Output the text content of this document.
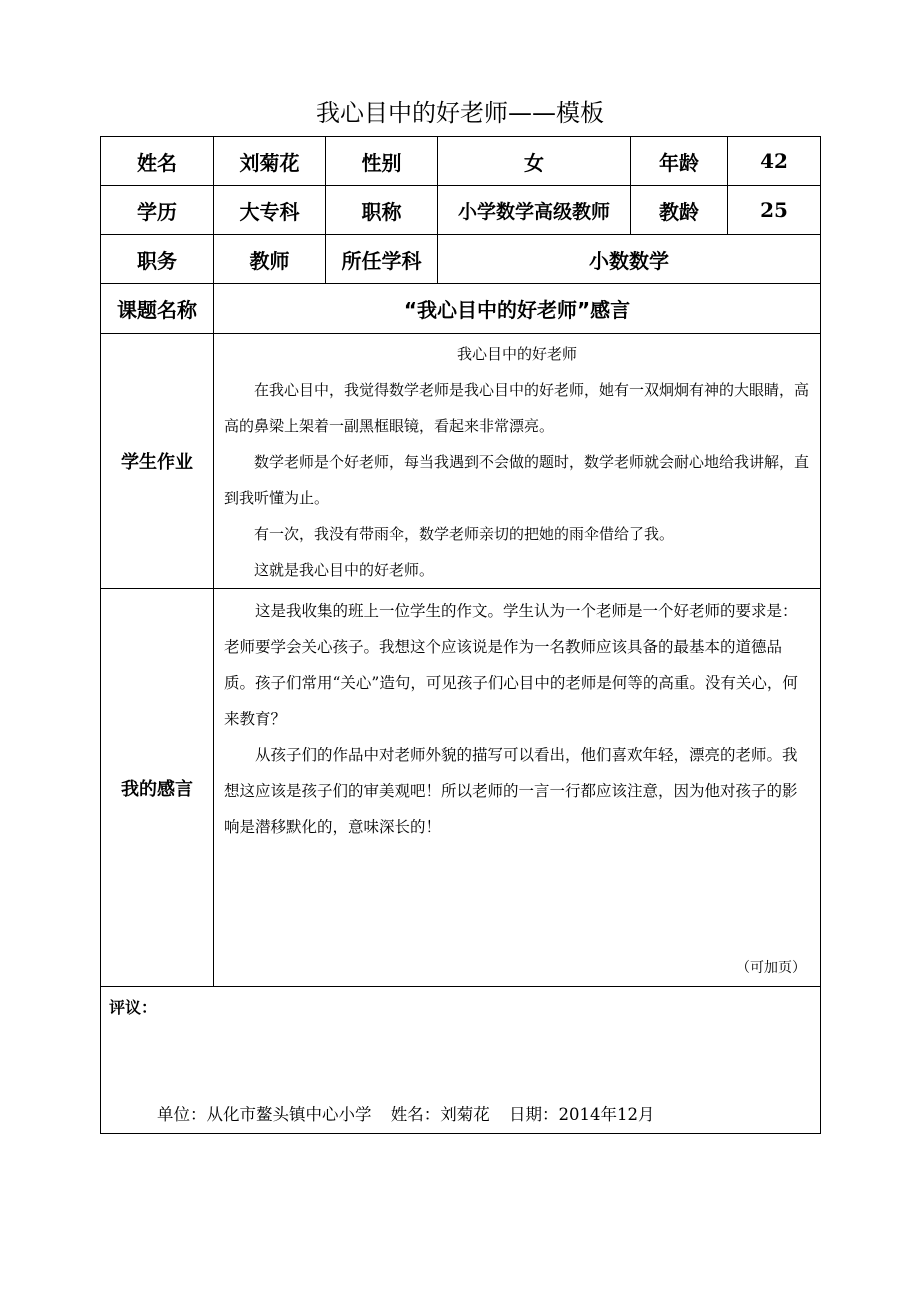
我心目中的好老师——模板
姓名	刘菊花	性别	女	年龄	42
学历	大专科	职称	小学数学高级教师	教龄	25
职务	教师	所任学科	小数数学		
课题名称	“我心目中的好老师”感言				
学生作业	我心目中的好老师

在我心目中，我觉得数学老师是我心目中的好老师，她有一双炯炯有神的大眼睛，高高的鼻梁上架着一副黑框眼镜，看起来非常漂亮。

数学老师是个好老师，每当我遇到不会做的题时，数学老师就会耐心地给我讲解，直到我听懂为止。

有一次，我没有带雨伞，数学老师亲切的把她的雨伞借给了我。

这就是我心目中的好老师。				

我的感言	这是我收集的班上一位学生的作文。学生认为一个老师是一个好老师的要求是：老师要学会关心孩子。我想这个应该说是作为一名教师应该具备的最基本的道德品质。孩子们常用“关心”造句，可见孩子们心目中的老师是何等的高重。没有关心，何来教育？

从孩子们的作品中对老师外貌的描写可以看出，他们喜欢年轻，漂亮的老师。我想这应该是孩子们的审美观吧！所以老师的一言一行都应该注意，因为他对孩子的影响是潜移默化的，意味深长的！

（可加页）				

评议：
单位：从化市鳌头镇中心小学 姓名：刘菊花 日期：2014年12月					
